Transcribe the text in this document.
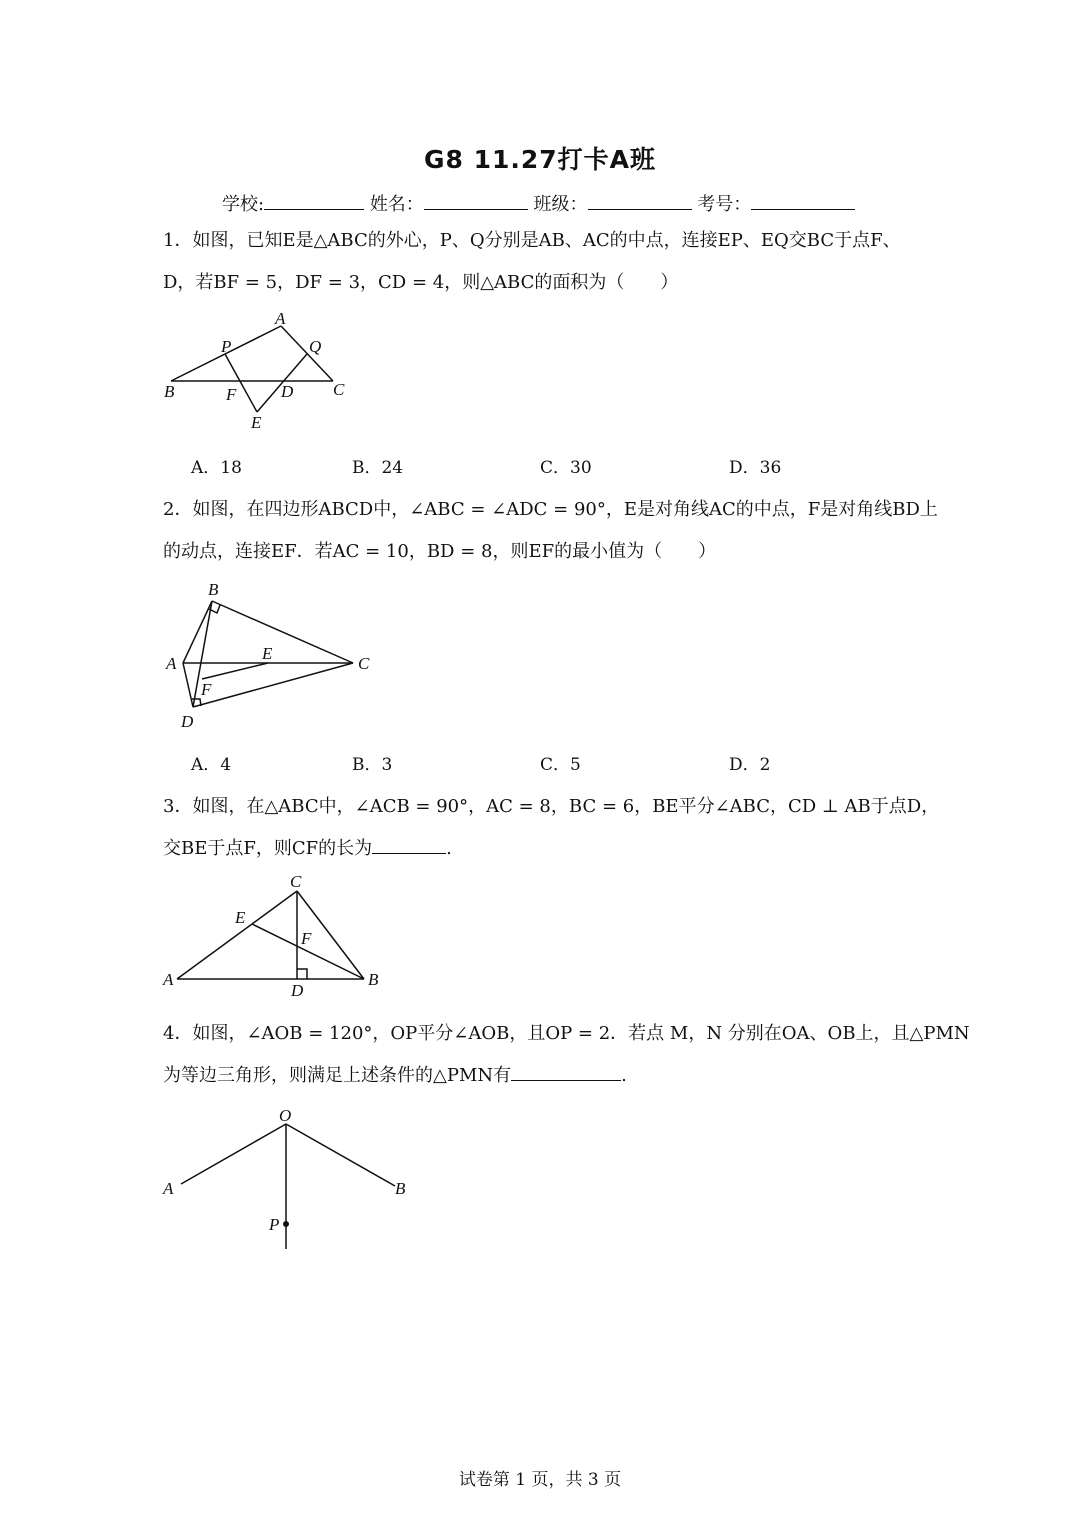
G8 11.27打卡A班
学校:	姓名：	班级：	考号：
1．如图，已知E是△ABC的外心，P、Q分别是AB、AC的中点，连接EP、EQ交BC于点F、
D，若BF = 5，DF = 3，CD = 4，则△ABC的面积为（　　）
A
P	Q
B	F	D C
E
A．18	B．24	C．30	D．36
2．如图，在四边形ABCD中，∠ABC = ∠ADC = 90°，E是对角线AC的中点，F是对角线BD上
的动点，连接EF．若AC = 10，BD = 8，则EF的最小值为（　　）
B
A
E
C
F
D
A．4	B．3	C．5	D．2
3．如图，在△ABC中，∠ACB = 90°，AC = 8，BC = 6，BE平分∠ABC，CD ⊥ AB于点D，
交BE于点F，则CF的长为	.
C
E
F
A
D
B
4．如图，∠AOB = 120°，OP平分∠AOB，且OP = 2．若点 M，N 分别在OA、OB上，且△PMN
为等边三角形，则满足上述条件的△PMN有	.
O
A	B
P
试卷第 1 页，共 3 页
